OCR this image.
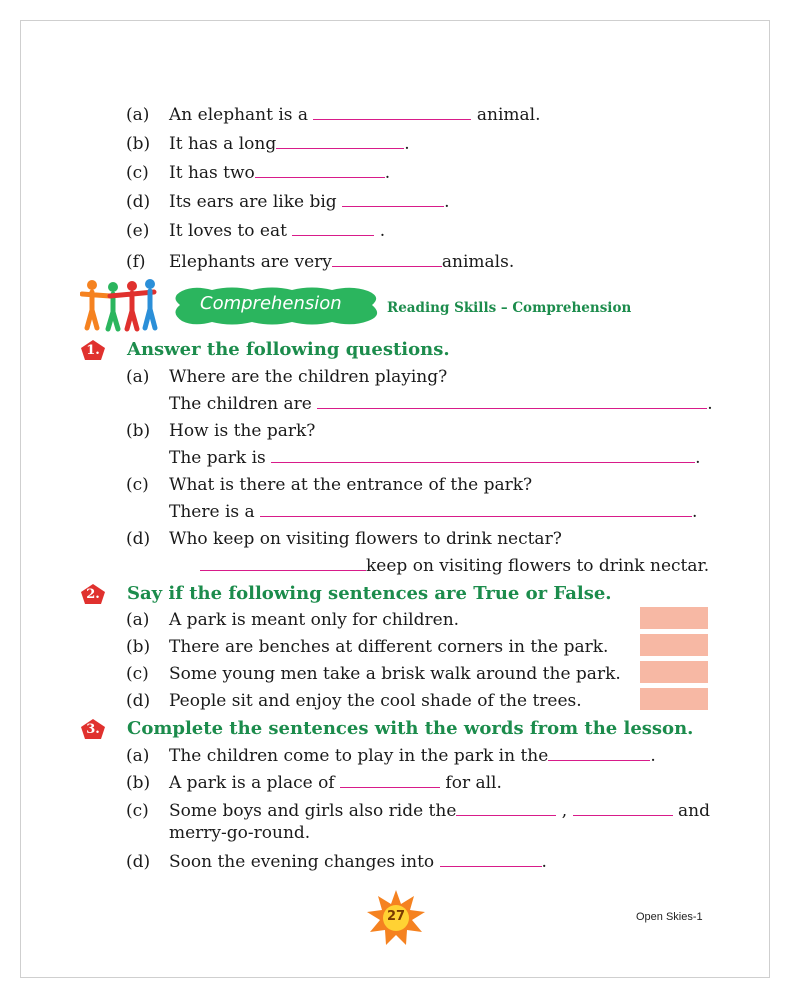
(a) An elephant is a	animal.
(b) It has a long	.
(c) It has two	.
(d) Its ears are like big	.
(e) It loves to eat	.
(f) Elephants are very	animals.
Comprehension	Reading Skills – Comprehension
1.	Answer the following questions.
(a) Where are the children playing?
The children are	.
(b) How is the park?
The park is	.
(c) What is there at the entrance of the park?
There is a	.
(d) Who keep on visiting flowers to drink nectar?
keep on visiting flowers to drink nectar.
2.	Say if the following sentences are True or False.
(a) A park is meant only for children.
(b) There are benches at different corners in the park.
(c) Some young men take a brisk walk around the park.
(d) People sit and enjoy the cool shade of the trees.
3.	Complete the sentences with the words from the lesson.
(a) The children come to play in the park in the	.
(b) A park is a place of	for all.
(c) Some boys and girls also ride the	,	and
merry-go-round.
(d) Soon the evening changes into	.
27	Open Skies-1
